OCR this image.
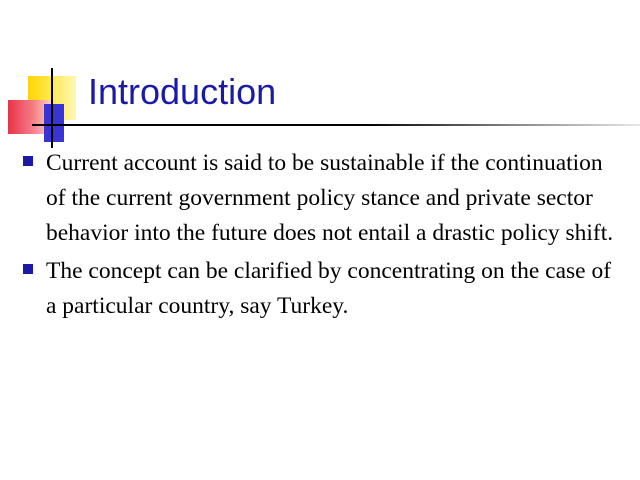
Introduction
Current account is said to be sustainable if the continuation of the current government policy stance and private sector behavior into the future does not entail a drastic policy shift.
The concept can be clarified by concentrating on the case of a particular country, say Turkey.
